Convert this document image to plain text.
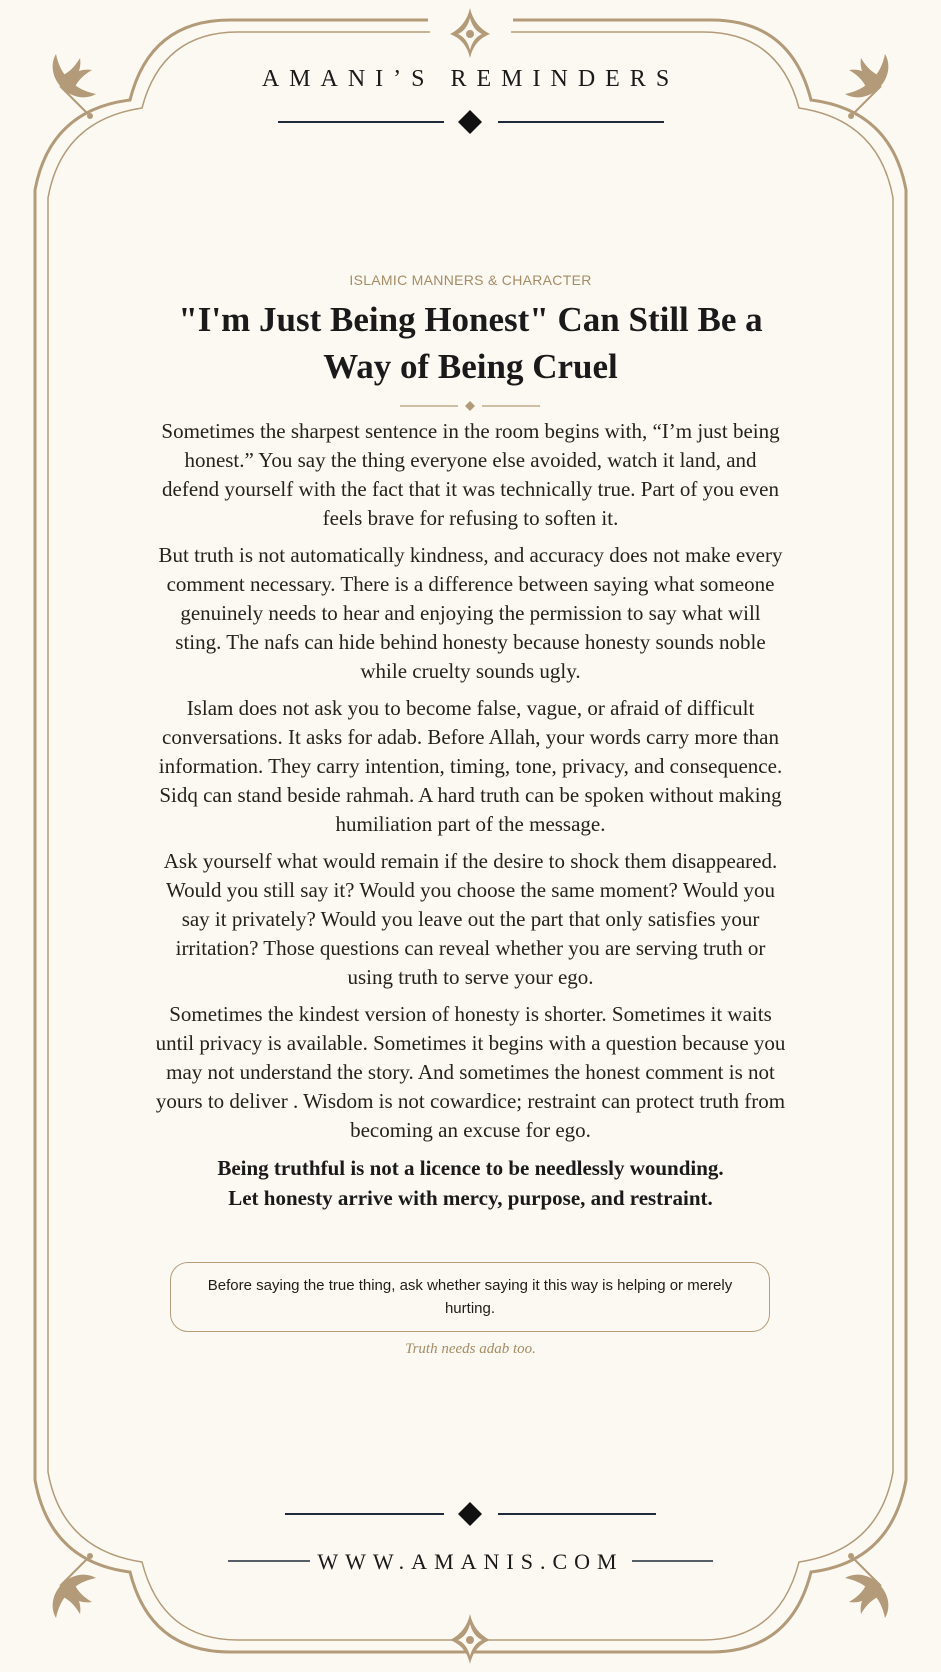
AMANI’S REMINDERS
ISLAMIC MANNERS & CHARACTER
"I'm Just Being Honest" Can Still Be a Way of Being Cruel

Sometimes the sharpest sentence in the room begins with, “I’m just being honest.” You say the thing everyone else avoided, watch it land, and defend yourself with the fact that it was technically true. Part of you even feels brave for refusing to soften it.

But truth is not automatically kindness, and accuracy does not make every comment necessary. There is a difference between saying what someone genuinely needs to hear and enjoying the permission to say what will sting. The nafs can hide behind honesty because honesty sounds noble while cruelty sounds ugly.

Islam does not ask you to become false, vague, or afraid of difficult conversations. It asks for adab. Before Allah, your words carry more than information. They carry intention, timing, tone, privacy, and consequence. Sidq can stand beside rahmah. A hard truth can be spoken without making humiliation part of the message.

Ask yourself what would remain if the desire to shock them disappeared. Would you still say it? Would you choose the same moment? Would you say it privately? Would you leave out the part that only satisfies your irritation? Those questions can reveal whether you are serving truth or using truth to serve your ego.

Sometimes the kindest version of honesty is shorter. Sometimes it waits until privacy is available. Sometimes it begins with a question because you may not understand the story. And sometimes the honest comment is not yours to deliver . Wisdom is not cowardice; restraint can protect truth from becoming an excuse for ego.

Being truthful is not a licence to be needlessly wounding.
Let honesty arrive with mercy, purpose, and restraint.

Before saying the true thing, ask whether saying it this way is helping or merely hurting.
Truth needs adab too.
WWW.AMANIS.COM
